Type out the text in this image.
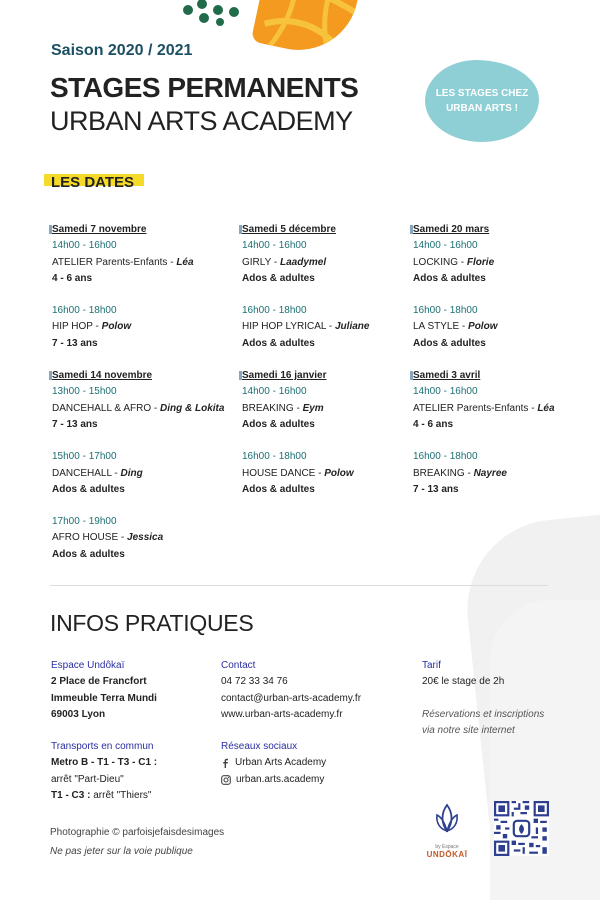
Saison 2020 / 2021
STAGES PERMANENTS
URBAN ARTS ACADEMY
LES STAGES CHEZ URBAN ARTS !
LES DATES
Samedi 7 novembre
14h00 - 16h00
ATELIER Parents-Enfants - Léa
4 - 6 ans
16h00 - 18h00
HIP HOP - Polow
7 - 13 ans
Samedi 14 novembre
13h00 - 15h00
DANCEHALL & AFRO - Ding & Lokita
7 - 13 ans
15h00 - 17h00
DANCEHALL - Ding
Ados & adultes
17h00 - 19h00
AFRO HOUSE - Jessica
Ados & adultes
Samedi 5 décembre
14h00 - 16h00
GIRLY - Laadymel
Ados & adultes
16h00 - 18h00
HIP HOP LYRICAL - Juliane
Ados & adultes
Samedi 16 janvier
14h00 - 16h00
BREAKING - Eym
Ados & adultes
16h00 - 18h00
HOUSE DANCE - Polow
Ados & adultes
Samedi 20 mars
14h00 - 16h00
LOCKING - Florie
Ados & adultes
16h00 - 18h00
LA STYLE - Polow
Ados & adultes
Samedi 3 avril
14h00 - 16h00
ATELIER Parents-Enfants - Léa
4 - 6 ans
16h00 - 18h00
BREAKING - Nayree
7 - 13 ans
INFOS PRATIQUES
Espace Undôkaï
2 Place de Francfort
Immeuble Terra Mundi
69003 Lyon
Contact
04 72 33 34 76
contact@urban-arts-academy.fr
www.urban-arts-academy.fr
Tarif
20€ le stage de 2h
Réservations et inscriptions
via notre site internet
Transports en commun
Metro B - T1 - T3 - C1 :
arrêt "Part-Dieu"
T1 - C3 : arrêt "Thiers"
Réseaux sociaux
Urban Arts Academy
urban.arts.academy
Photographie © parfoisjefaisdesimages
Ne pas jeter sur la voie publique	by Espace
UNDŌKAÏ
